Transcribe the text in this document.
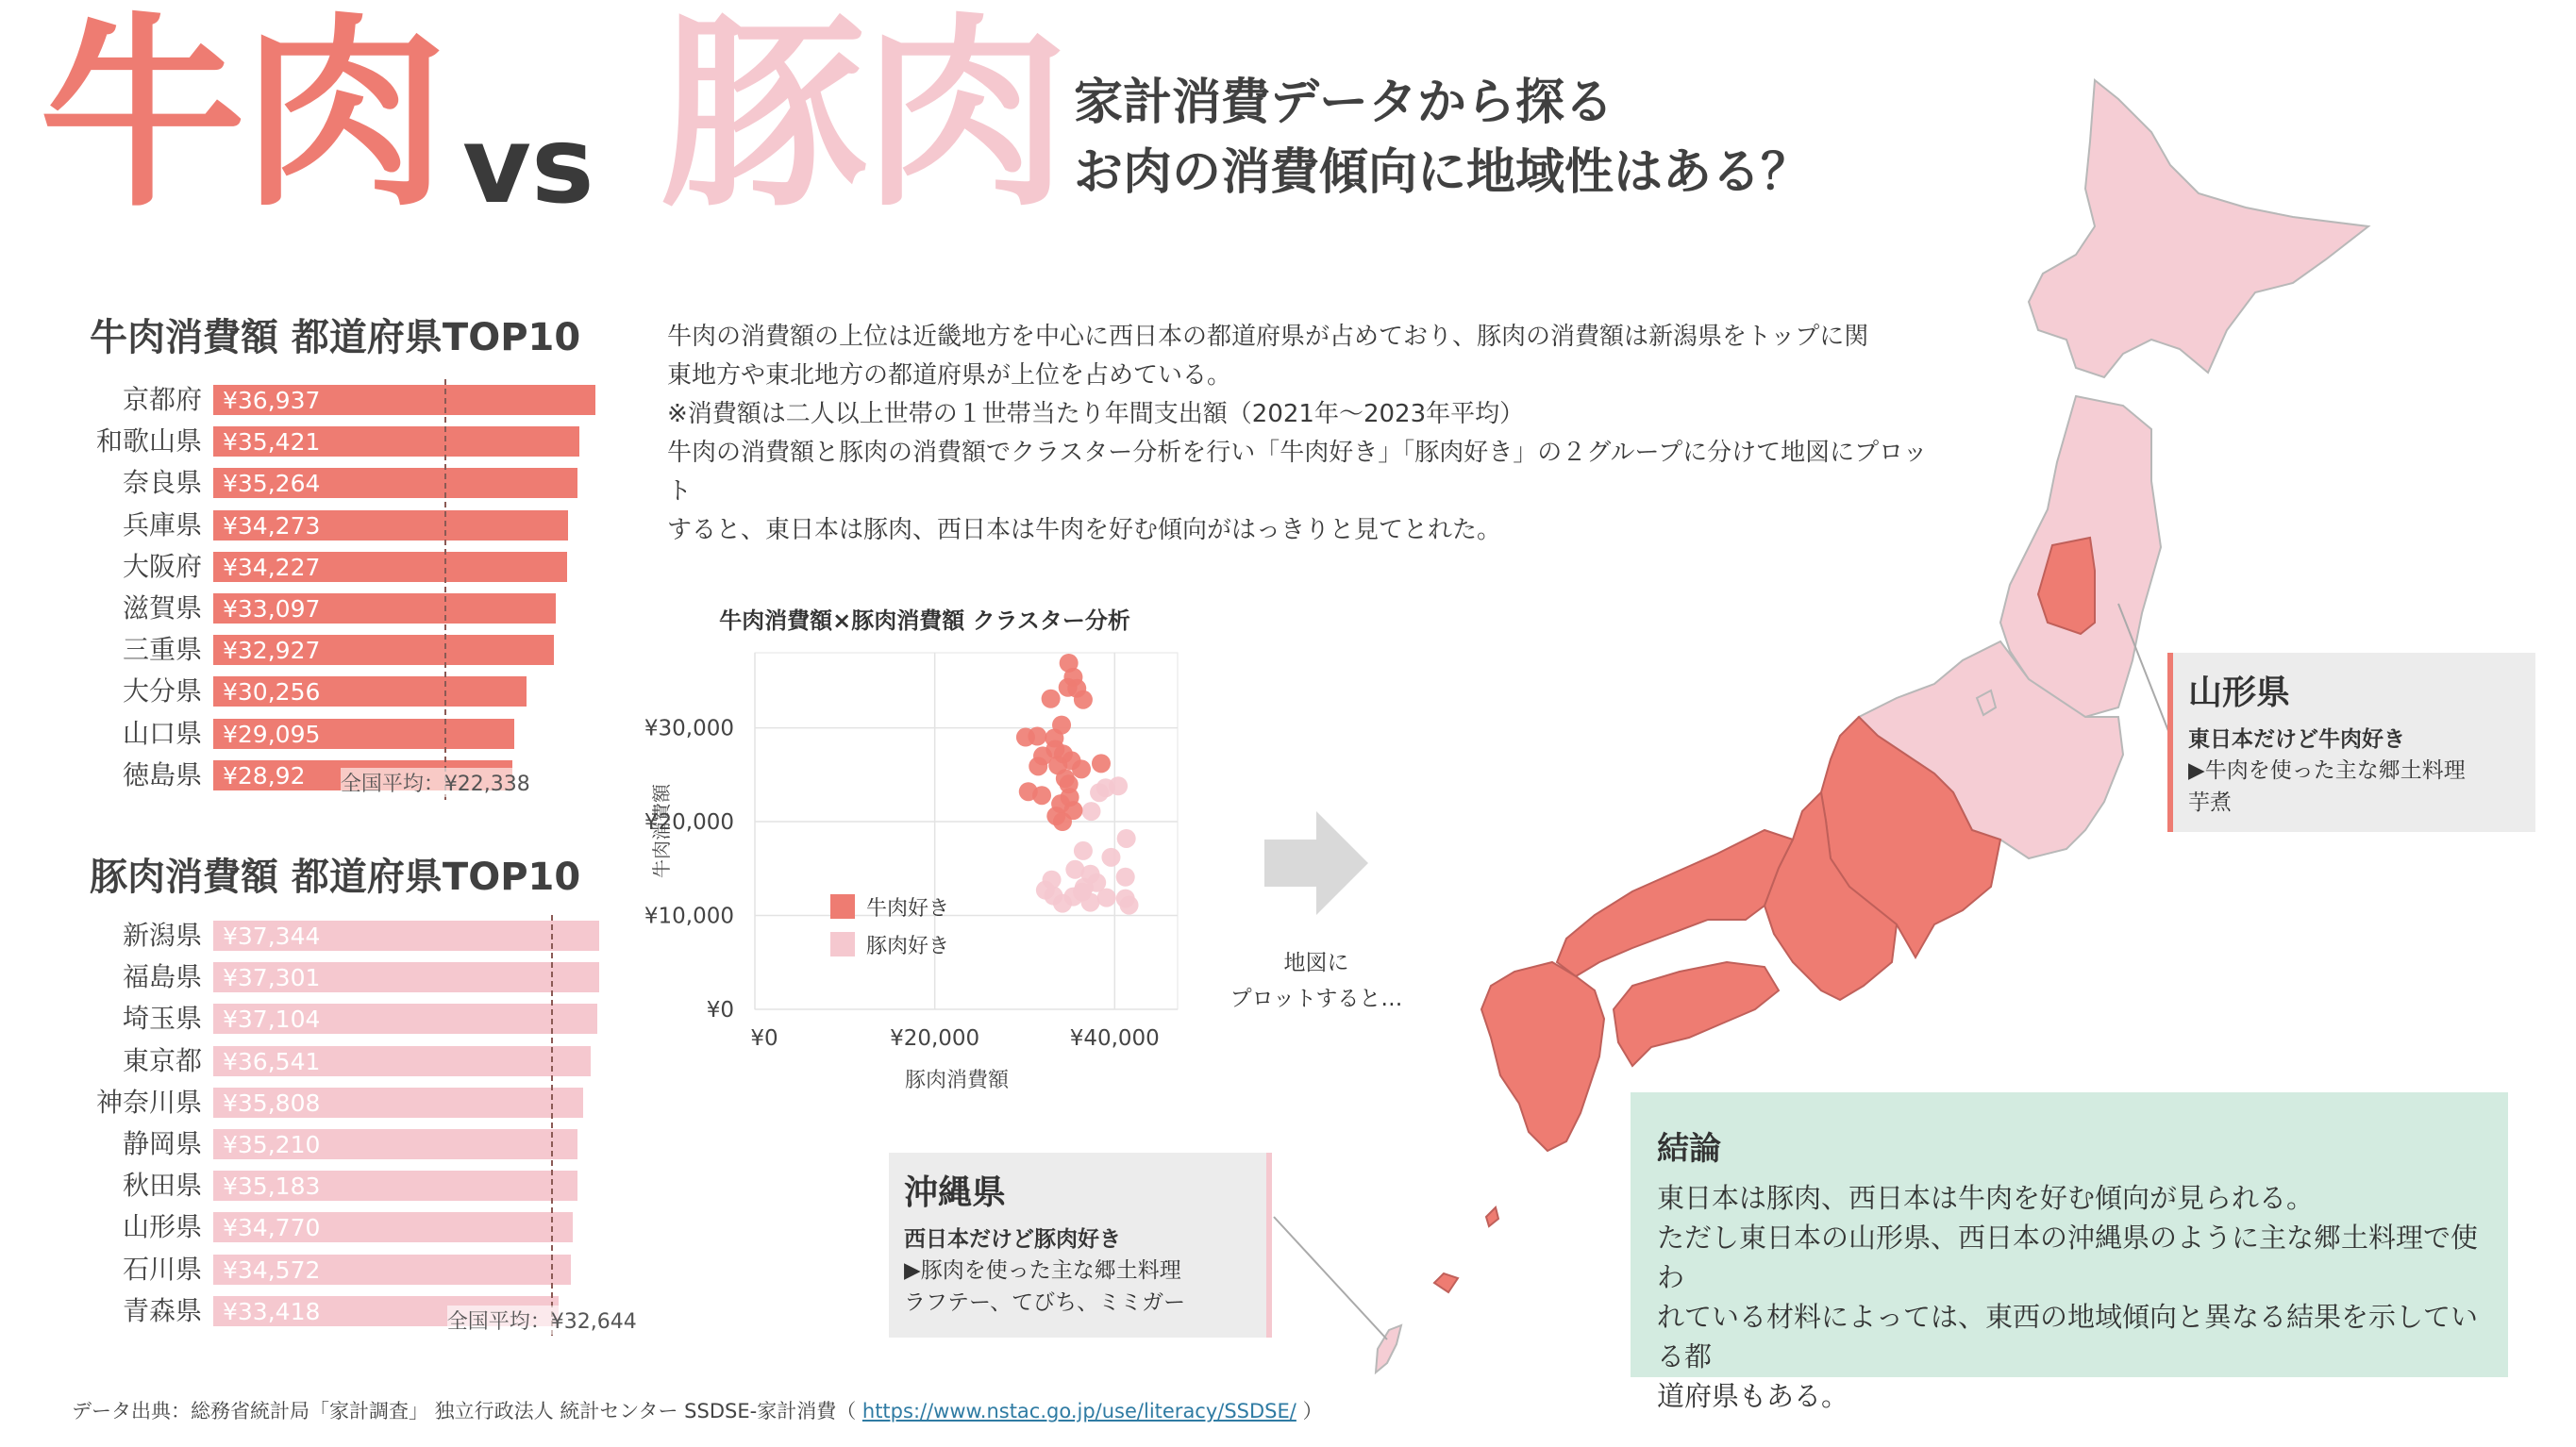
牛肉 vs 豚肉 家計消費データから探る
お肉の消費傾向に地域性はある？

牛肉の消費額の上位は近畿地方を中心に西日本の都道府県が占めており、豚肉の消費額は新潟県をトップに関

東地方や東北地方の都道府県が上位を占めている。

※消費額は二人以上世帯の１世帯当たり年間支出額（2021年～2023年平均）

牛肉の消費額と豚肉の消費額でクラスター分析を行い「牛肉好き」「豚肉好き」の２グループに分けて地図にプロット

すると、東日本は豚肉、西日本は牛肉を好む傾向がはっきりと見てとれた。

牛肉消費額 都道府県TOP10
京都府 ¥36,937
和歌山県 ¥35,421
奈良県 ¥35,264
兵庫県 ¥34,273
大阪府 ¥34,227
滋賀県 ¥33,097
三重県 ¥32,927
大分県 ¥30,256
山口県 ¥29,095
徳島県 ¥28,92 全国平均：¥22,338
豚肉消費額 都道府県TOP10
新潟県 ¥37,344
福島県 ¥37,301
埼玉県 ¥37,104
東京都 ¥36,541
神奈川県 ¥35,808
静岡県 ¥35,210
秋田県 ¥35,183
山形県 ¥34,770
石川県 ¥34,572
青森県 ¥33,418	全国平均：¥32,644
牛肉消費額×豚肉消費額 クラスター分析
¥0	¥20,000	¥40,000
¥0
¥10,000
¥20,000
¥30,000
豚肉消費額
牛肉消費額
牛肉好き
豚肉好き
地図に
プロットすると…
山形県
東日本だけど牛肉好き
▶牛肉を使った主な郷土料理
芋煮
沖縄県
西日本だけど豚肉好き
▶豚肉を使った主な郷土料理
ラフテー、てびち、ミミガー
結論
東日本は豚肉、西日本は牛肉を好む傾向が見られる。
ただし東日本の山形県、西日本の沖縄県のように主な郷土料理で使わ
れている材料によっては、東西の地域傾向と異なる結果を示している都
道府県もある。
データ出典：総務省統計局「家計調査」 独立行政法人 統計センター SSDSE-家計消費（ https://www.nstac.go.jp/use/literacy/SSDSE/ ）
